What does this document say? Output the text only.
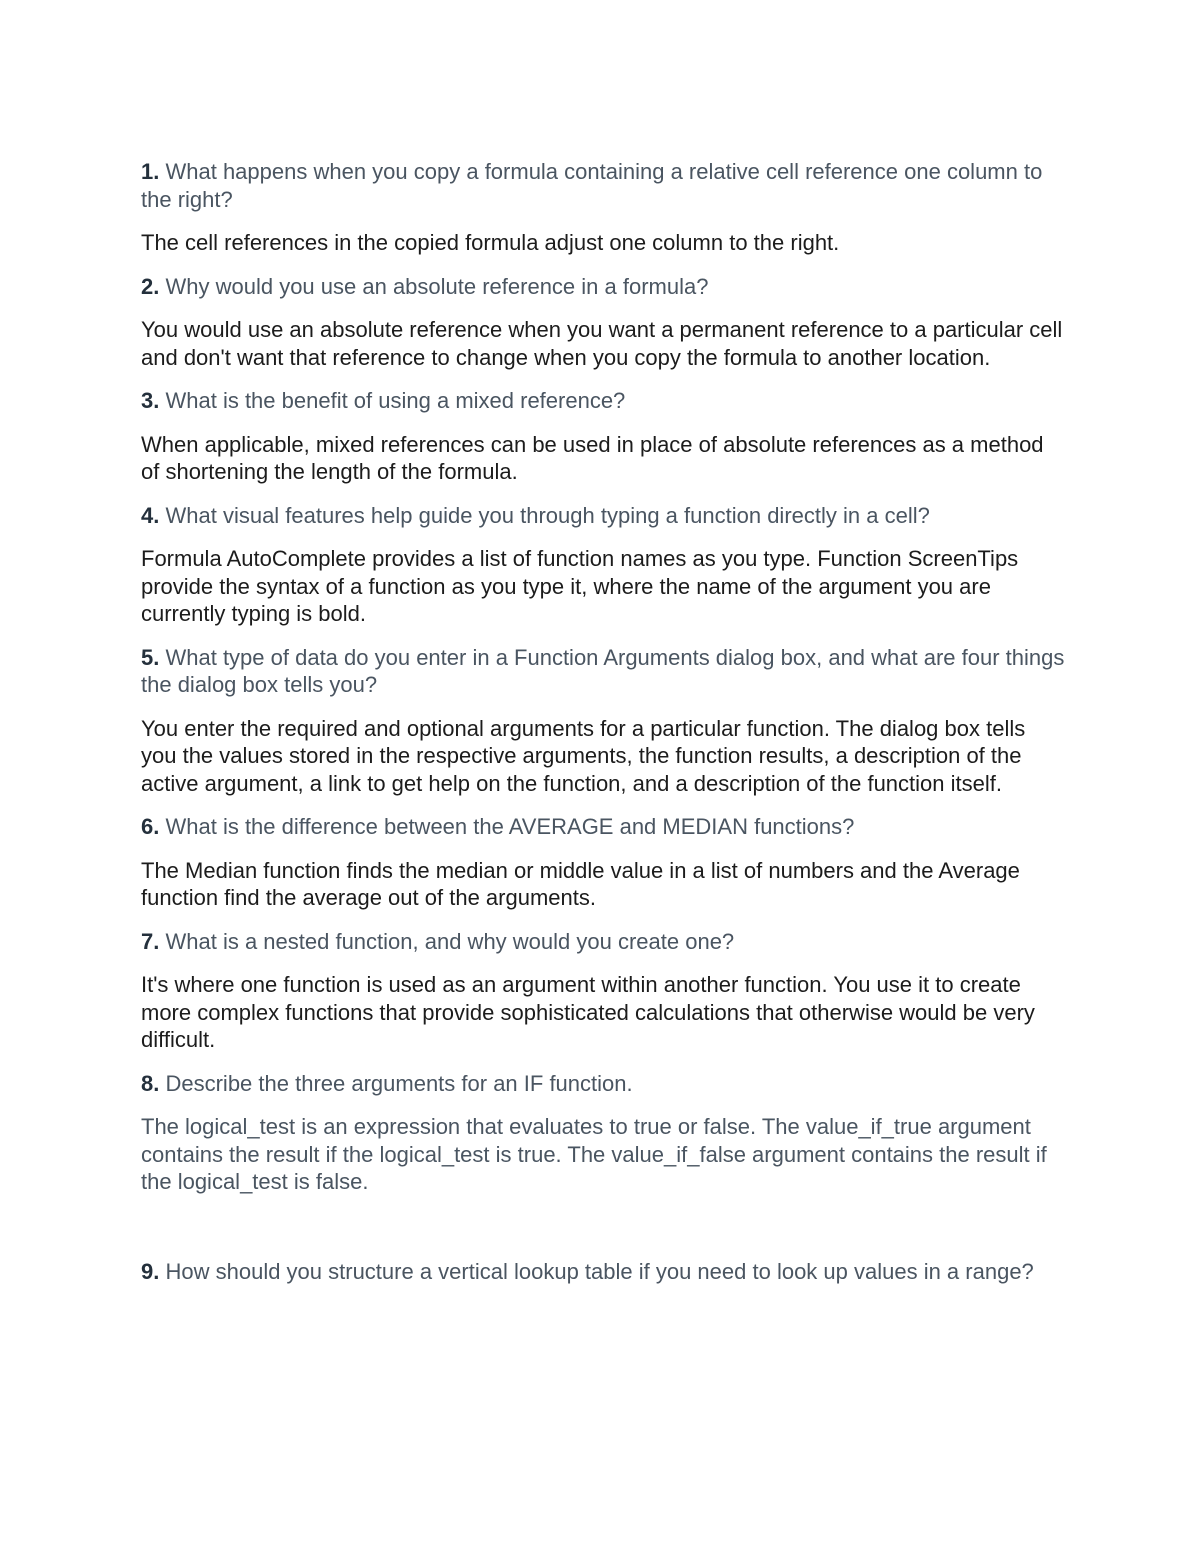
1. What happens when you copy a formula containing a relative cell reference one column to the right?

The cell references in the copied formula adjust one column to the right.

2. Why would you use an absolute reference in a formula?

You would use an absolute reference when you want a permanent reference to a particular cell and don't want that reference to change when you copy the formula to another location.

3. What is the benefit of using a mixed reference?

When applicable, mixed references can be used in place of absolute references as a method of shortening the length of the formula.

4. What visual features help guide you through typing a function directly in a cell?

Formula AutoComplete provides a list of function names as you type. Function ScreenTips provide the syntax of a function as you type it, where the name of the argument you are currently typing is bold.

5. What type of data do you enter in a Function Arguments dialog box, and what are four things the dialog box tells you?

You enter the required and optional arguments for a particular function. The dialog box tells you the values stored in the respective arguments, the function results, a description of the active argument, a link to get help on the function, and a description of the function itself.

6. What is the difference between the AVERAGE and MEDIAN functions?

The Median function finds the median or middle value in a list of numbers and the Average function find the average out of the arguments.

7. What is a nested function, and why would you create one?

It's where one function is used as an argument within another function. You use it to create more complex functions that provide sophisticated calculations that otherwise would be very difficult.

8. Describe the three arguments for an IF function.

The logical_test is an expression that evaluates to true or false. The value_if_true argument contains the result if the logical_test is true. The value_if_false argument contains the result if the logical_test is false.

9. How should you structure a vertical lookup table if you need to look up values in a range?
